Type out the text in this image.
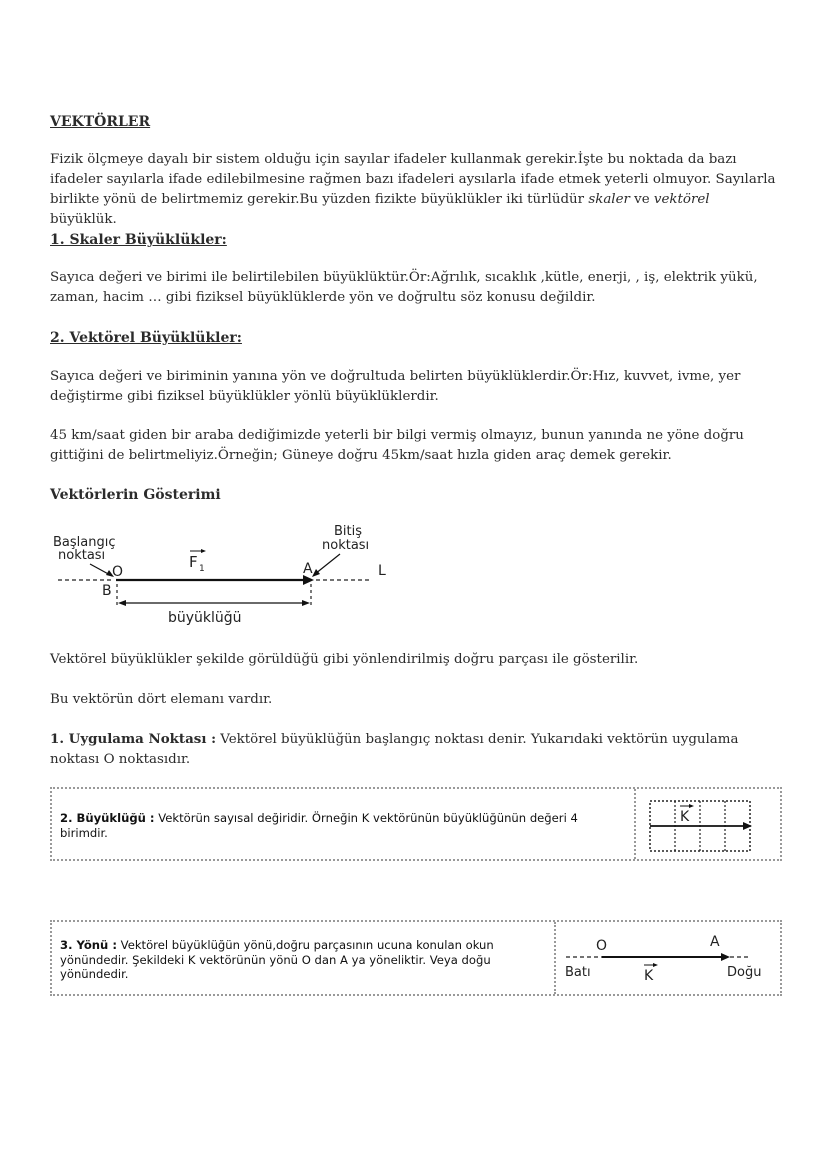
VEKTÖRLER
Fizik ölçmeye dayalı bir sistem olduğu için sayılar ifadeler kullanmak gerekir.İşte bu noktada da bazı ifadeler sayılarla ifade edilebilmesine rağmen bazı ifadeleri aysılarla ifade etmek yeterli olmuyor. Sayılarla birlikte yönü de belirtmemiz gerekir.Bu yüzden fizikte büyüklükler iki türlüdür skaler ve vektörel büyüklük.
1. Skaler Büyüklükler:
Sayıca değeri ve birimi ile belirtilebilen büyüklüktür.Ör:Ağrılık, sıcaklık ,kütle, enerji, , iş, elektrik yükü, zaman, hacim … gibi fiziksel büyüklüklerde yön ve doğrultu söz konusu değildir.
2. Vektörel Büyüklükler:
Sayıca değeri ve biriminin yanına yön ve doğrultuda belirten büyüklüklerdir.Ör:Hız, kuvvet, ivme, yer değiştirme gibi fiziksel büyüklükler yönlü büyüklüklerdir.
45 km/saat giden bir araba dediğimizde yeterli bir bilgi vermiş olmayız, bunun yanında ne yöne doğru gittiğini de belirtmeliyiz.Örneğin; Güneye doğru 45km/saat hızla giden araç demek gerekir.
Vektörlerin Gösterimi
Başlangıç
noktası
Bitiş
noktası
O	A	L
B
F 1
büyüklüğü
Vektörel büyüklükler şekilde görüldüğü gibi yönlendirilmiş doğru parçası ile gösterilir.
Bu vektörün dört elemanı vardır.
1. Uygulama Noktası : Vektörel büyüklüğün başlangıç noktası denir. Yukarıdaki vektörün uygulama noktası O noktasıdır.
2. Büyüklüğü : Vektörün sayısal değiridir. Örneğin K vektörünün büyüklüğünün değeri 4 birimdir.
K
3. Yönü : Vektörel büyüklüğün yönü,doğru parçasının ucuna konulan okun yönündedir. Şekildeki K vektörünün yönü O dan A ya yöneliktir. Veya doğu yönündedir.
O	A
Batı	Doğu
K
